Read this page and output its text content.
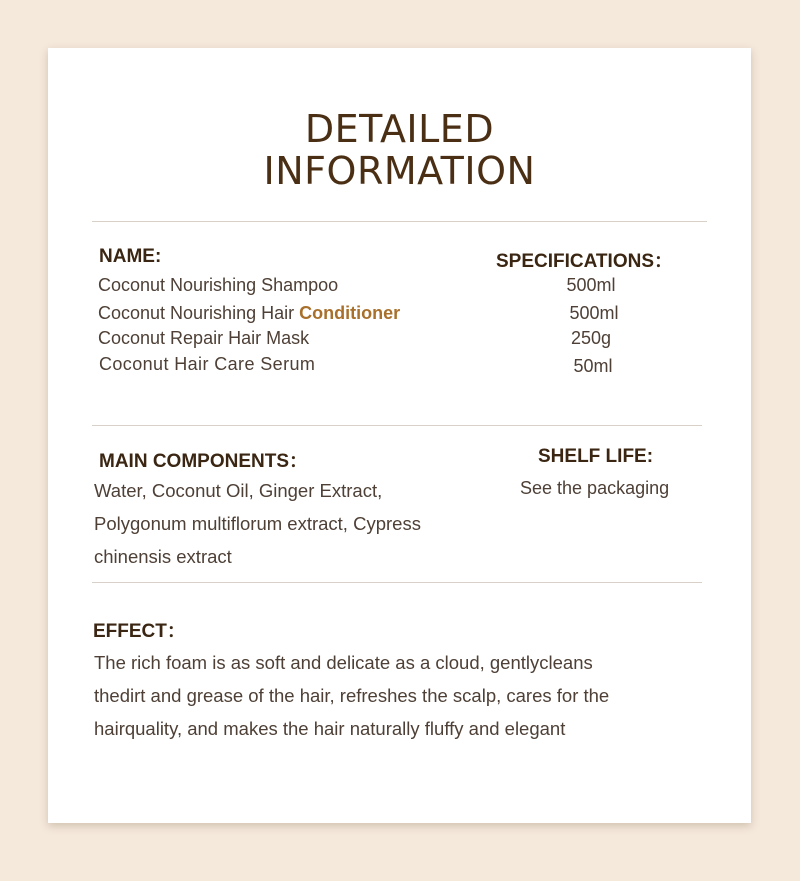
DETAILED
INFORMATION
NAME:	SPECIFICATIONS：
Coconut Nourishing Shampoo	500ml
Coconut Nourishing Hair Conditioner	500ml
Coconut Repair Hair Mask	250g
Coconut Hair Care Serum	50ml
MAIN COMPONENTS：	SHELF LIFE:
Water, Coconut Oil, Ginger Extract,
Polygonum multiflorum extract, Cypress
chinensis extract
See the packaging
EFFECT：
The rich foam is as soft and delicate as a cloud, gentlycleans
thedirt and grease of the hair, refreshes the scalp, cares for the
hairquality, and makes the hair naturally fluffy and elegant
